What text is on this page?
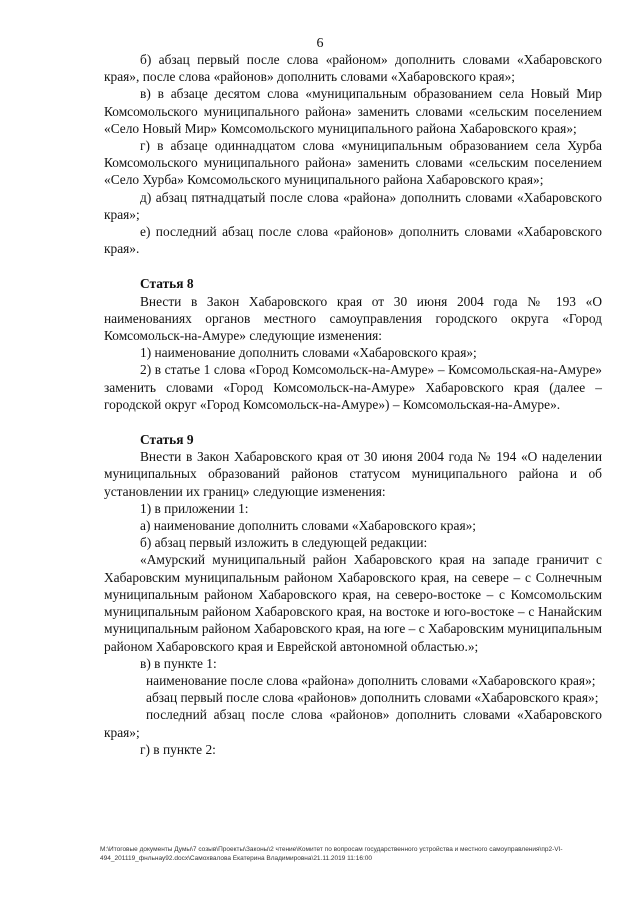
6

б) абзац первый после слова «районом» дополнить словами «Хабаровского края», после слова «районов» дополнить словами «Хабаровского края»;

в) в абзаце десятом слова «муниципальным образованием села Новый Мир Комсомольского муниципального района» заменить словами «сельским поселением «Село Новый Мир» Комсомольского муниципального района Хабаровского края»;

г) в абзаце одиннадцатом слова «муниципальным образованием села Хурба Комсомольского муниципального района» заменить словами «сельским поселением «Село Хурба» Комсомольского муниципального района Хабаровского края»;

д) абзац пятнадцатый после слова «района» дополнить словами «Хабаровского края»;

е) последний абзац после слова «районов» дополнить словами «Хабаровского края».

Статья 8

Внести в Закон Хабаровского края от 30 июня 2004 года № 193 «О наименованиях органов местного самоуправления городского округа «Город Комсомольск-на-Амуре» следующие изменения:

1) наименование дополнить словами «Хабаровского края»;

2) в статье 1 слова «Город Комсомольск-на-Амуре» – Комсомольская-на-Амуре» заменить словами «Город Комсомольск-на-Амуре» Хабаровского края (далее – городской округ «Город Комсомольск-на-Амуре») – Комсомольская-на-Амуре».

Статья 9

Внести в Закон Хабаровского края от 30 июня 2004 года № 194 «О наделении муниципальных образований районов статусом муниципального района и об установлении их границ» следующие изменения:

1) в приложении 1:

а) наименование дополнить словами «Хабаровского края»;

б) абзац первый изложить в следующей редакции:

«Амурский муниципальный район Хабаровского края на западе граничит с Хабаровским муниципальным районом Хабаровского края, на севере – с Солнечным муниципальным районом Хабаровского края, на северо-востоке – с Комсомольским муниципальным районом Хабаровского края, на востоке и юго-востоке – с Нанайским муниципальным районом Хабаровского края, на юге – с Хабаровским муниципальным районом Хабаровского края и Еврейской автономной областью.»;

в) в пункте 1:

наименование после слова «района» дополнить словами «Хабаровского края»;

абзац первый после слова «районов» дополнить словами «Хабаровского края»;

последний абзац после слова «районов» дополнить словами «Хабаровского края»;

г) в пункте 2:

М:\Итоговые документы Думы\7 созыв\Проекты\Законы\2 чтение\Комитет по вопросам государственного устройства и местного самоуправления\пр2-VI-494_201119_фнльнау92.docx\Самохвалова Екатерина Владимировна\21.11.2019 11:16:00
